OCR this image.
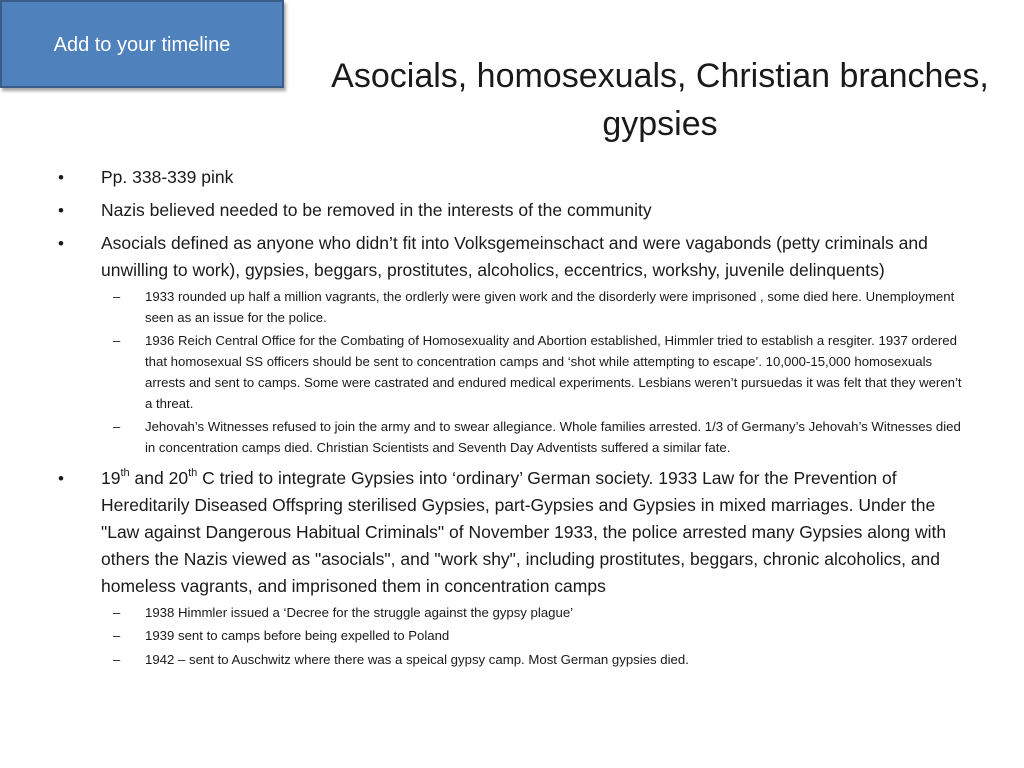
Add to your timeline
Asocials, homosexuals, Christian branches, gypsies
•	Pp. 338-339 pink
•	Nazis believed needed to be removed in the interests of the community
•	Asocials defined as anyone who didn’t fit into Volksgemeinschact and were vagabonds (petty criminals and unwilling to work), gypsies, beggars, prostitutes, alcoholics, eccentrics, workshy, juvenile delinquents)
– 1933 rounded up half a million vagrants, the ordlerly were given work and the disorderly were imprisoned , some died here. Unemployment seen as an issue for the police.
– 1936 Reich Central Office for the Combating of Homosexuality and Abortion established, Himmler tried to establish a resgiter. 1937 ordered that homosexual SS officers should be sent to concentration camps and ‘shot while attempting to escape’. 10,000-15,000 homosexuals arrests and sent to camps. Some were castrated and endured medical experiments. Lesbians weren’t pursuedas it was felt that they weren’t a threat.
– Jehovah’s Witnesses refused to join the army and to swear allegiance. Whole families arrested. 1/3 of Germany’s Jehovah’s Witnesses died in concentration camps died. Christian Scientists and Seventh Day Adventists suffered a similar fate.
•	19th and 20th C tried to integrate Gypsies into ‘ordinary’ German society. 1933 Law for the Prevention of Hereditarily Diseased Offspring sterilised Gypsies, part-Gypsies and Gypsies in mixed marriages. Under the "Law against Dangerous Habitual Criminals" of November 1933, the police arrested many Gypsies along with others the Nazis viewed as "asocials", and "work shy", including prostitutes, beggars, chronic alcoholics, and homeless vagrants, and imprisoned them in concentration camps
– 1938 Himmler issued a ‘Decree for the struggle against the gypsy plague’
– 1939 sent to camps before being expelled to Poland
– 1942 – sent to Auschwitz where there was a speical gypsy camp. Most German gypsies died.
